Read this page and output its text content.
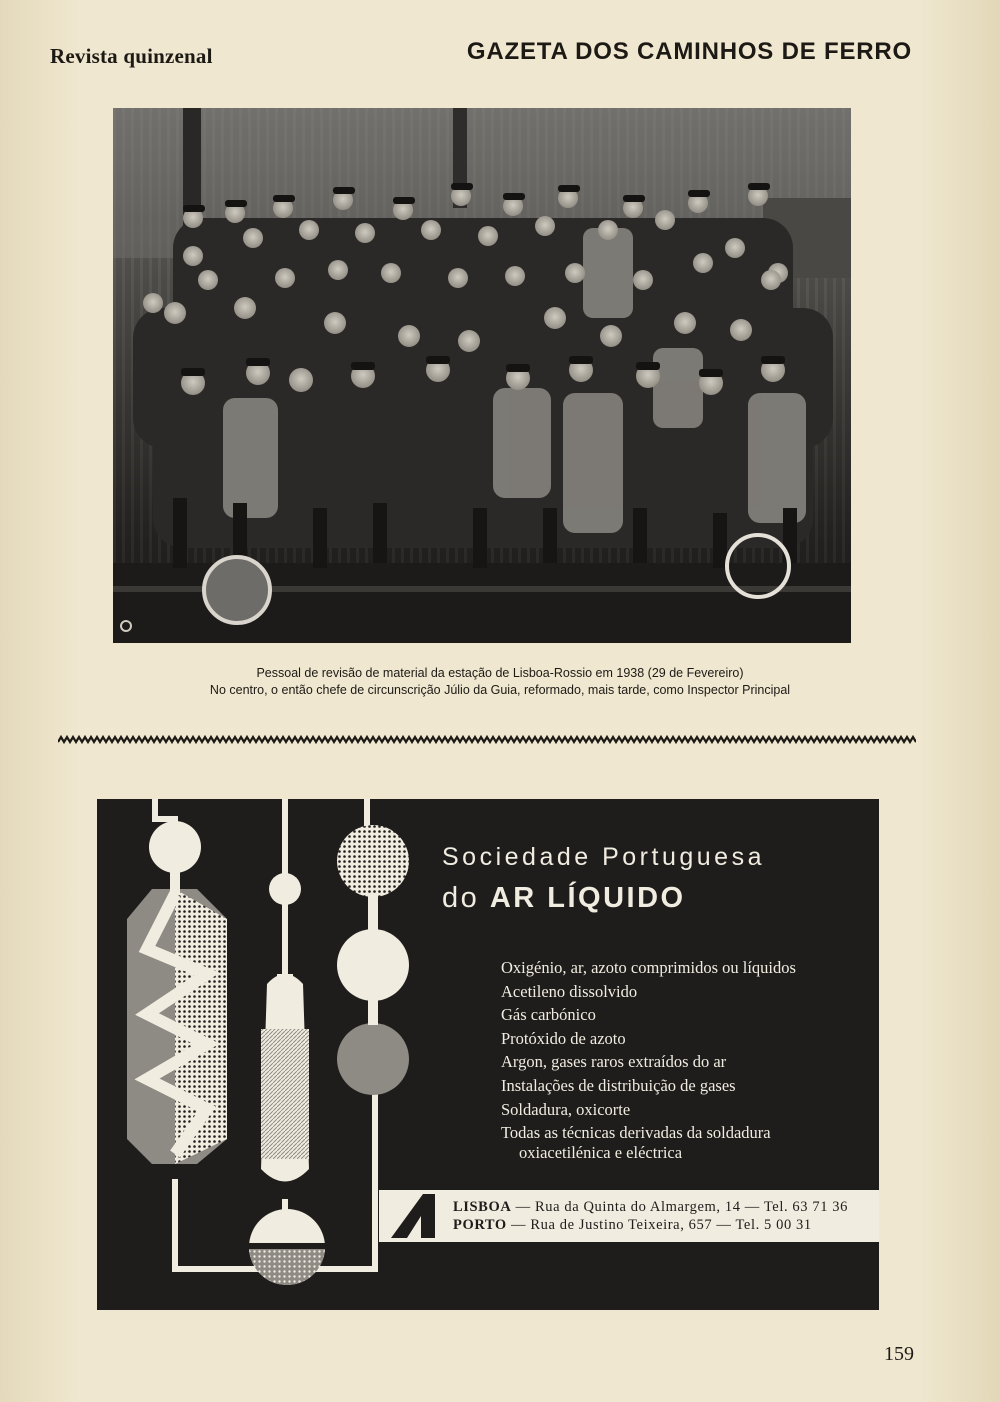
Revista quinzenal	GAZETA DOS CAMINHOS DE FERRO
Pessoal de revisão de material da estação de Lisboa-Rossio em 1938 (29 de Fevereiro)
No centro, o então chefe de circunscrição Júlio da Guia, reformado, mais tarde, como Inspector Principal
Sociedade Portuguesa
do AR LÍQUIDO
Oxigénio, ar, azoto comprimidos ou líquidos
Acetileno dissolvido
Gás carbónico
Protóxido de azoto
Argon, gases raros extraídos do ar
Instalações de distribuição de gases
Soldadura, oxicorte
Todas as técnicas derivadas da soldadura
oxiacetilénica e eléctrica
LISBOA — Rua da Quinta do Almargem, 14 — Tel. 63 71 36
PORTO — Rua de Justino Teixeira, 657 — Tel. 5 00 31
159
